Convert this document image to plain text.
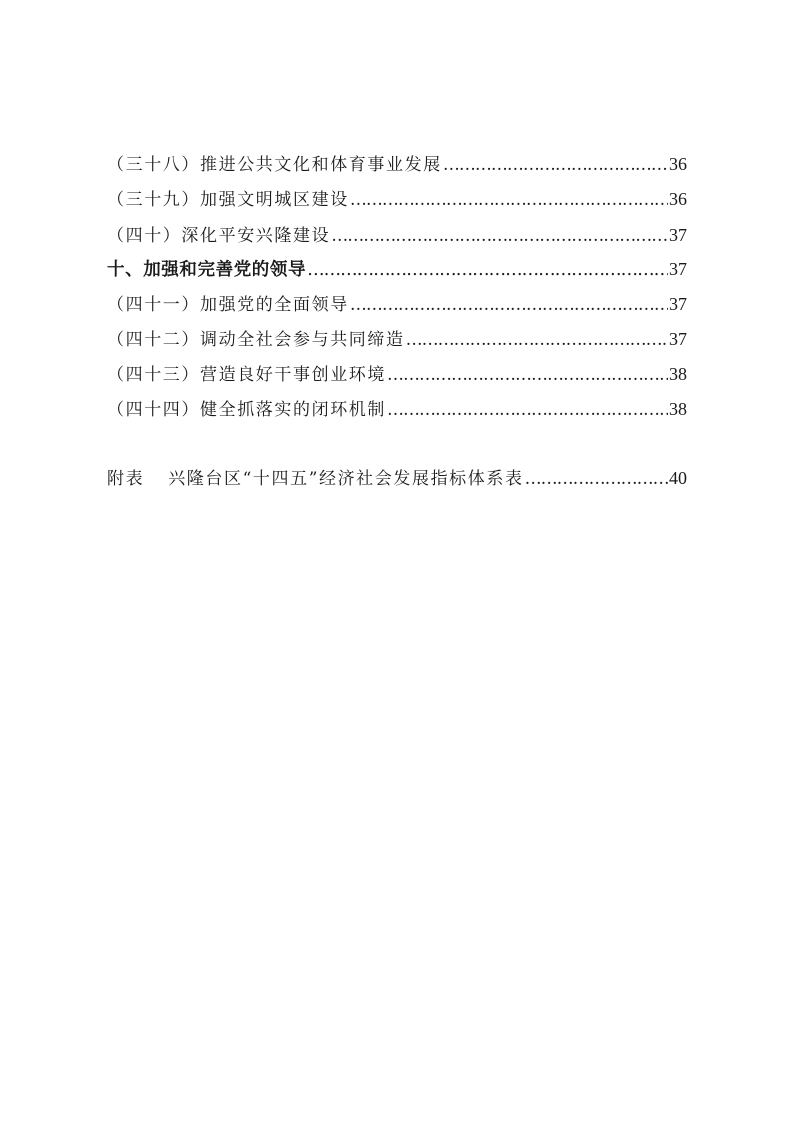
（三十八）推进公共文化和体育事业发展 …………………………………………………………………………………………………………………………………………………………………………………………………………	36
（三十九）加强文明城区建设 …………………………………………………………………………………………………………………………………………………………………………………………………………	36
（四十）深化平安兴隆建设 …………………………………………………………………………………………………………………………………………………………………………………………………………	37
十、加强和完善党的领导 …………………………………………………………………………………………………………………………………………………………………………………………………………	37
（四十一）加强党的全面领导 …………………………………………………………………………………………………………………………………………………………………………………………………………	37
（四十二）调动全社会参与共同缔造 …………………………………………………………………………………………………………………………………………………………………………………………………………	37
（四十三）营造良好干事创业环境 …………………………………………………………………………………………………………………………………………………………………………………………………………	38
（四十四）健全抓落实的闭环机制 …………………………………………………………………………………………………………………………………………………………………………………………………………	38
附表 兴隆台区“十四五”经济社会发展指标体系表 …………………………………………………………………………………………………………………………………………………………………………………………………………	40
